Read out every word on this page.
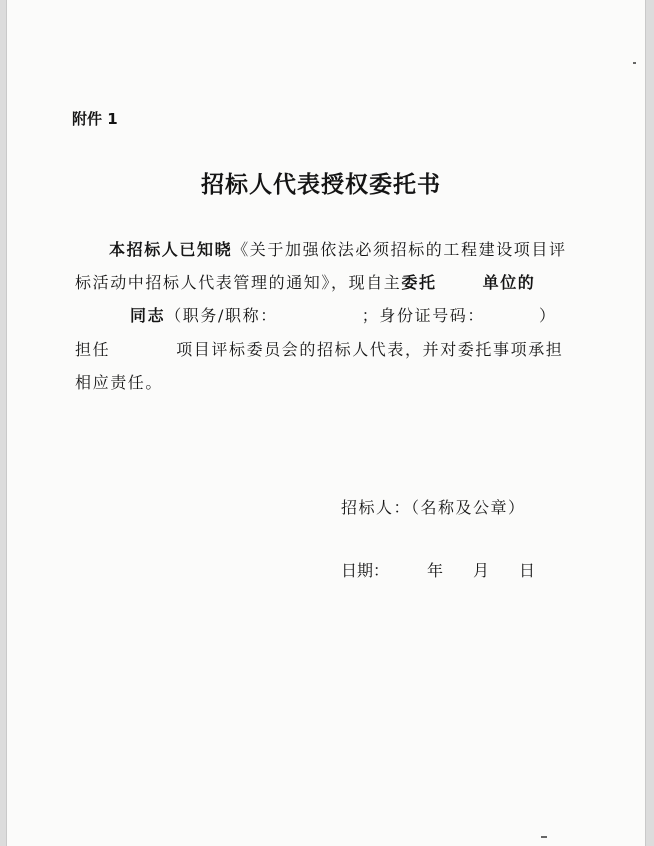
附件 1
招标人代表授权委托书
本招标人已知晓《关于加强依法必须招标的工程建设项目评
标活动中招标人代表管理的通知》，现自主委托	单位的
同志（职务/职称：	；身份证号码：	）
担任	项目评标委员会的招标人代表，并对委托事项承担
相应责任。
招标人：（名称及公章）
日期： 年 月 日
